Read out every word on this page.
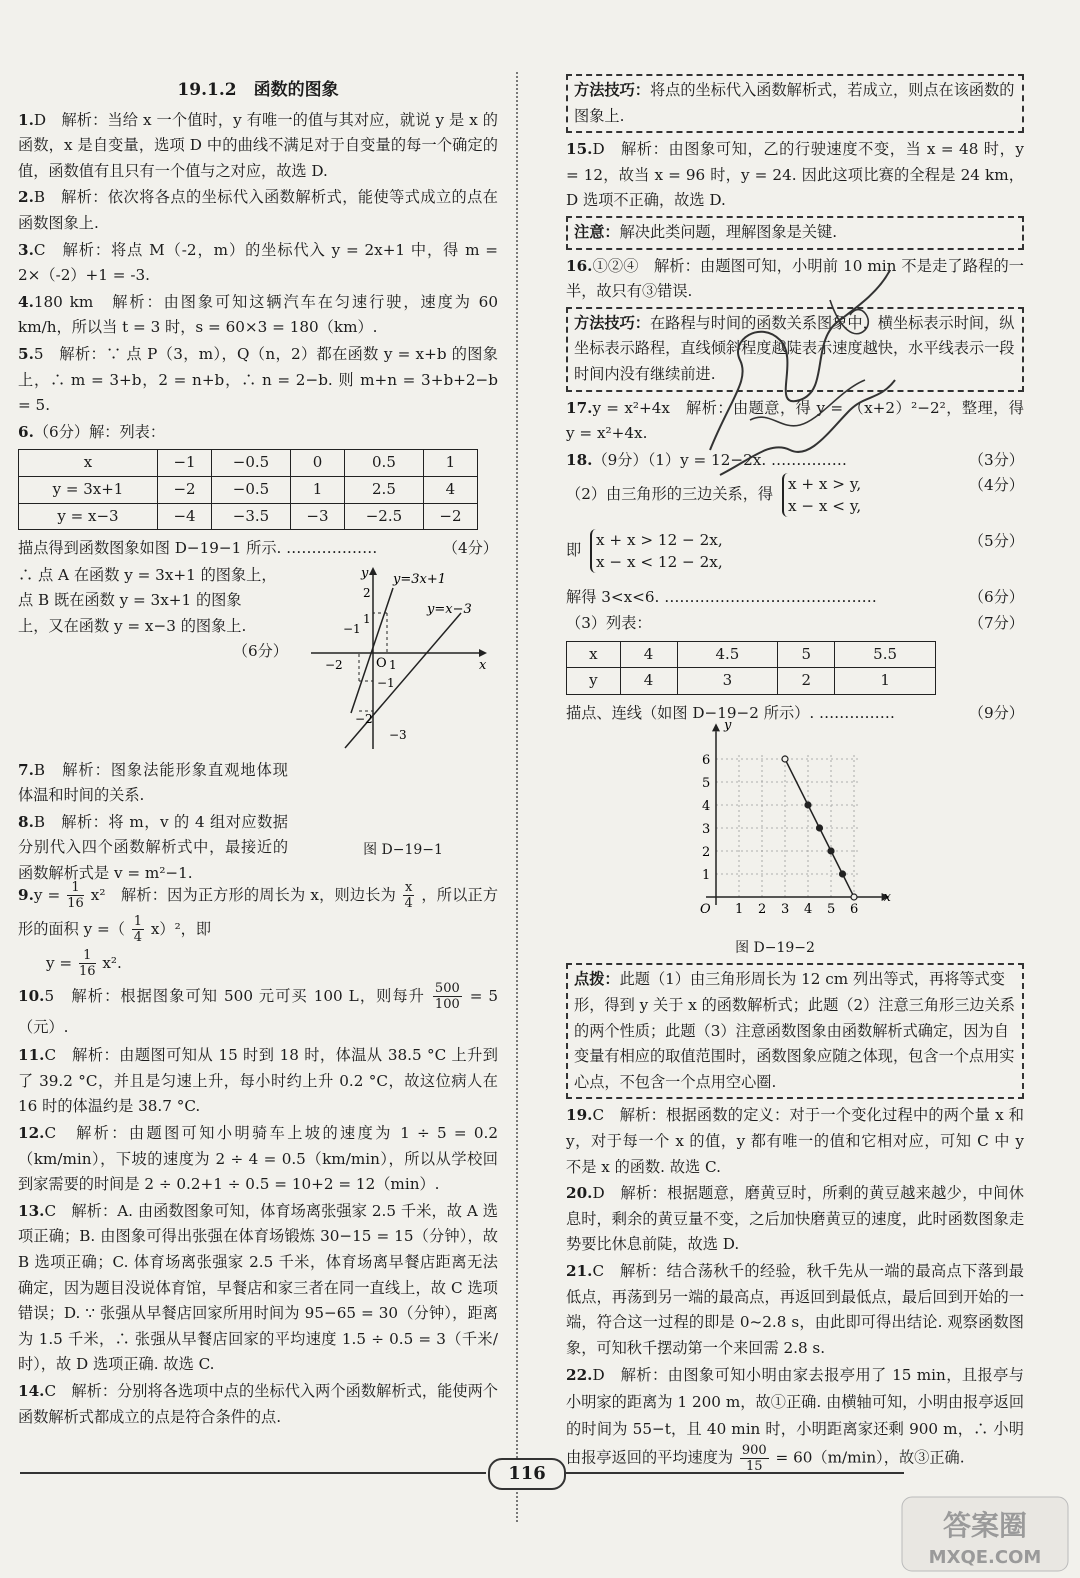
19.1.2　函数的图象
1.D　解析：当给 x 一个值时，y 有唯一的值与其对应，就说 y 是 x 的函数，x 是自变量，选项 D 中的曲线不满足对于自变量的每一个确定的值，函数值有且只有一个值与之对应，故选 D.
2.B　解析：依次将各点的坐标代入函数解析式，能使等式成立的点在函数图象上.
3.C　解析：将点 M（-2，m）的坐标代入 y = 2x+1 中，得 m = 2×（-2）+1 = -3.
4.180 km　解析：由图象可知这辆汽车在匀速行驶，速度为 60 km/h，所以当 t = 3 时，s = 60×3 = 180（km）.
5.5　解析：∵ 点 P（3，m），Q（n，2）都在函数 y = x+b 的图象上，∴ m = 3+b，2 = n+b，∴ n = 2−b. 则 m+n = 3+b+2−b = 5.
6.（6分）解：列表：
x	−1	−0.5	0	0.5	1
y = 3x+1	−2	−0.5	1	2.5	4
y = x−3	−4	−3.5	−3	−2.5	−2
描点得到函数图象如图 D−19−1 所示. ………………	（4分）
∴ 点 A 在函数 y = 3x+1 的图象上，
点 B 既在函数 y = 3x+1 的图象
上，又在函数 y = x−3 的图象上.
（6分）
x
y
O
2
1
−1
−2	1
−1
−2
−3
y=3x+1
y=x−3
7.B　解析：图象法能形象直观地体现体温和时间的关系.
8.B　解析：将 m，v 的 4 组对应数据分别代入四个函数解析式中，最接近的函数解析式是 v = m²−1.
图 D−19−1
$9.y = \frac{1}{16} x^2$　解析：因为正方形的周长为 x，则边长为 $\frac{x}{4}$ ，所以正方形的面积 y =（ $\frac{1}{4} x)^2$，即
$y = \frac{1}{16} x^2$.
10.5　解析：根据图象可知 500 元可买 100 L，则每升 $\frac{500}{100} = 5$（元）.
11.C　解析：由题图可知从 15 时到 18 时，体温从 38.5 °C 上升到了 39.2 °C，并且是匀速上升，每小时约上升 0.2 °C，故这位病人在 16 时的体温约是 38.7 °C.
12.C　解析：由题图可知小明骑车上坡的速度为 1 ÷ 5 = 0.2（km/min），下坡的速度为 2 ÷ 4 = 0.5（km/min），所以从学校回到家需要的时间是 2 ÷ 0.2+1 ÷ 0.5 = 10+2 = 12（min）.
13.C　解析：A. 由函数图象可知，体育场离张强家 2.5 千米，故 A 选项正确；B. 由图象可得出张强在体育场锻炼 30−15 = 15（分钟），故 B 选项正确；C. 体育场离张强家 2.5 千米，体育场离早餐店距离无法确定，因为题目没说体育馆，早餐店和家三者在同一直线上，故 C 选项错误；D. ∵ 张强从早餐店回家所用时间为 95−65 = 30（分钟），距离为 1.5 千米，∴ 张强从早餐店回家的平均速度 1.5 ÷ 0.5 = 3（千米/时），故 D 选项正确. 故选 C.
14.C　解析：分别将各选项中点的坐标代入两个函数解析式，能使两个函数解析式都成立的点是符合条件的点.
方法技巧：将点的坐标代入函数解析式，若成立，则点在该函数的图象上.
15.D　解析：由图象可知，乙的行驶速度不变，当 x = 48 时，y = 12，故当 x = 96 时，y = 24. 因此这项比赛的全程是 24 km，D 选项不正确，故选 D.
注意：解决此类问题，理解图象是关键.
16.①②④　解析：由题图可知，小明前 10 min 不是走了路程的一半，故只有③错误.
方法技巧：在路程与时间的函数关系图象中，横坐标表示时间，纵坐标表示路程，直线倾斜程度越陡表示速度越快，水平线表示一段时间内没有继续前进.
17.y = x²+4x　解析：由题意，得 y = （x+2）²−2²，整理，得 y = x²+4x.
18.（9分）（1）y = 12−2x. ……………	（3分）
（2）由三角形的三边关系，得
x + x > y,
x − x < y,
（4分）
即
x + x > 12 − 2x,
x − x < 12 − 2x,
（5分）
解得 3<x<6. ……………………………………	（6分）
（3）列表：	（7分）
x	4	4.5	5	5.5
y	4	3	2	1
描点、连线（如图 D−19−2 所示）. ……………	（9分）
x
y
O 1 2 3 4 5 6
1
2
3
4
5
6
图 D−19−2
点拨：此题（1）由三角形周长为 12 cm 列出等式，再将等式变形，得到 y 关于 x 的函数解析式；此题（2）注意三角形三边关系的两个性质；此题（3）注意函数图象由函数解析式确定，因为自变量有相应的取值范围时，函数图象应随之体现，包含一个点用实心点，不包含一个点用空心圈.
19.C　解析：根据函数的定义：对于一个变化过程中的两个量 x 和 y，对于每一个 x 的值，y 都有唯一的值和它相对应，可知 C 中 y 不是 x 的函数. 故选 C.
20.D　解析：根据题意，磨黄豆时，所剩的黄豆越来越少，中间休息时，剩余的黄豆量不变，之后加快磨黄豆的速度，此时函数图象走势要比休息前陡，故选 D.
21.C　解析：结合荡秋千的经验，秋千先从一端的最高点下落到最低点，再荡到另一端的最高点，再返回到最低点，最后回到开始的一端，符合这一过程的即是 0~2.8 s，由此即可得出结论. 观察函数图象，可知秋千摆动第一个来回需 2.8 s.
22.D　解析：由图象可知小明由家去报亭用了 15 min，且报亭与小明家的距离为 1 200 m，故①正确. 由横轴可知，小明由报亭返回的时间为 55−t，且 40 min 时，小明距离家还剩 900 m，∴ 小明由报亭返回的平均速度为 $\frac{900}{15} = 60(m/\min)$，故③正确.
116
答案圈
MXQE.COM
